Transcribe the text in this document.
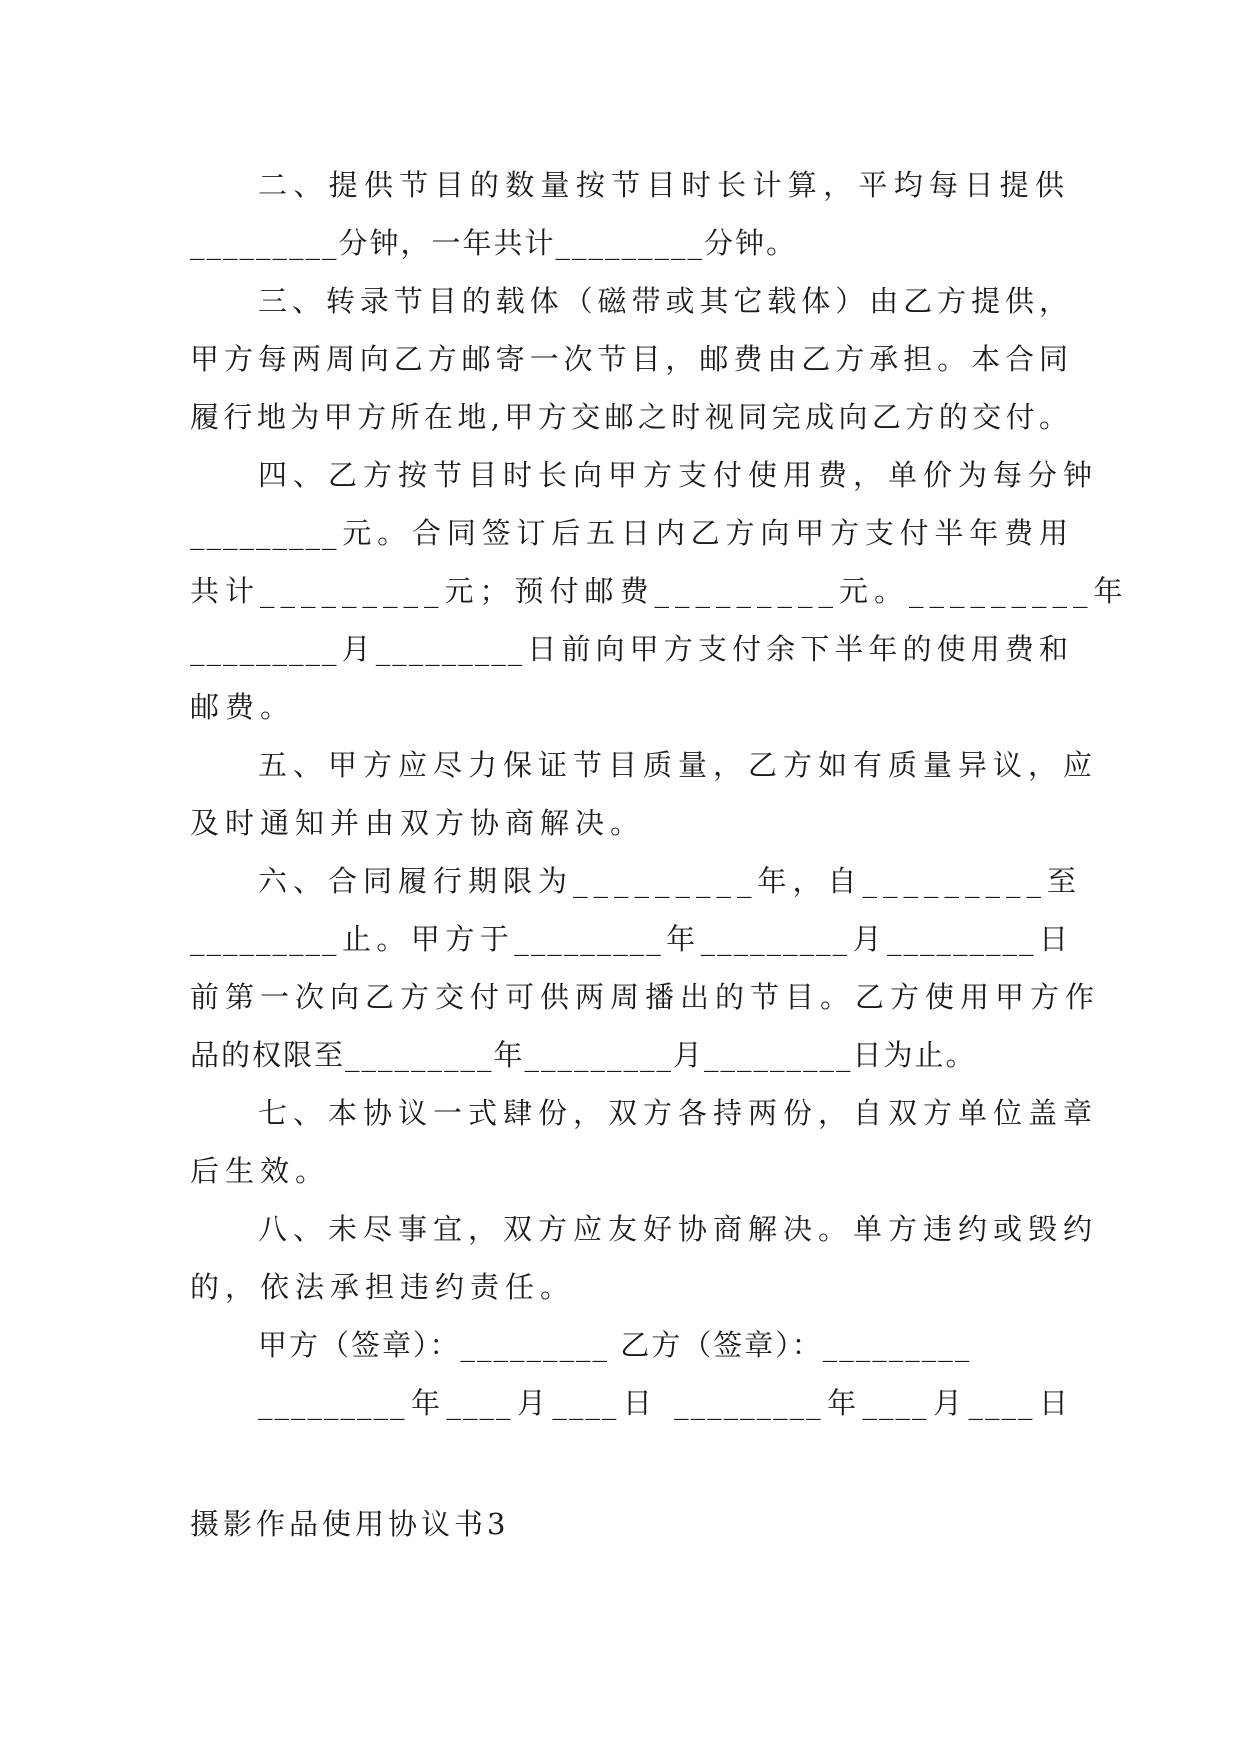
二、提供节目的数量按节目时长计算，平均每日提供
_________分钟，一年共计_________分钟。
三、转录节目的载体（磁带或其它载体）由乙方提供，
甲方每两周向乙方邮寄一次节目，邮费由乙方承担。本合同
履行地为甲方所在地,甲方交邮之时视同完成向乙方的交付。
四、乙方按节目时长向甲方支付使用费，单价为每分钟
_________元。合同签订后五日内乙方向甲方支付半年费用
共计_________元；预付邮费_________元。_________年
_________月_________日前向甲方支付余下半年的使用费和
邮费。
五、甲方应尽力保证节目质量，乙方如有质量异议，应
及时通知并由双方协商解决。
六、合同履行期限为_________年，自_________至
_________止。甲方于_________年_________月_________日
前第一次向乙方交付可供两周播出的节目。乙方使用甲方作
品的权限至_________年_________月_________日为止。
七、本协议一式肆份，双方各持两份，自双方单位盖章
后生效。
八、未尽事宜，双方应友好协商解决。单方违约或毁约
的，依法承担违约责任。
甲方（签章）：_________ 乙方（签章）：_________
_________年____月____日 _________年____月____日
摄影作品使用协议书3
